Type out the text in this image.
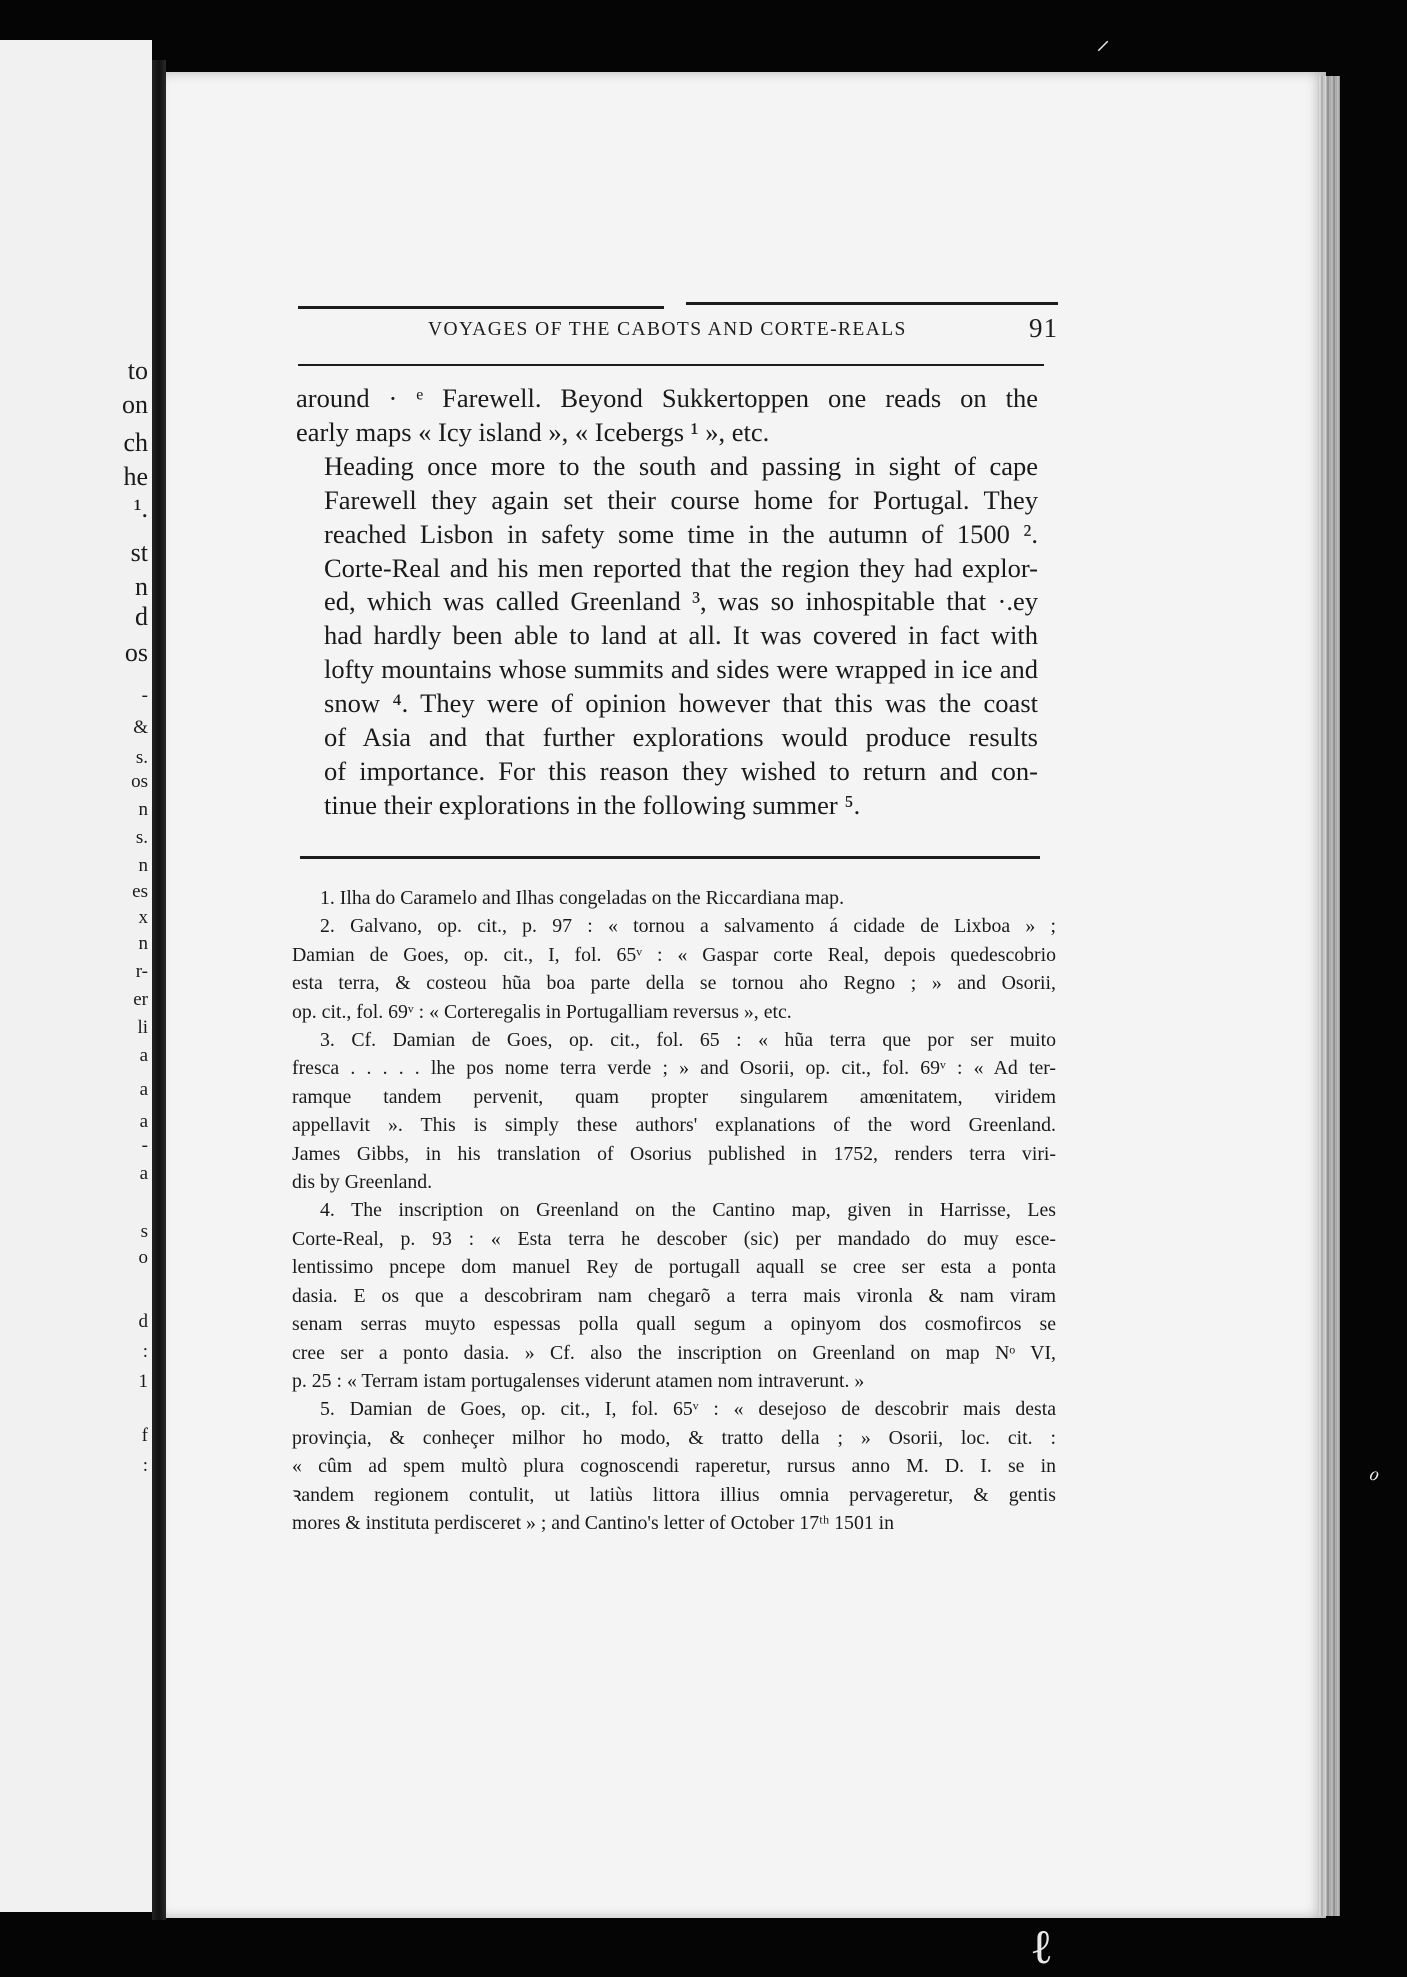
to
on
ch
he
¹.
st
n
d
os
-
&
s.
os
n
s.
n
es
x
n
r-
er
li
a
a
a
-
a
s
o
d
:
1
f
:
VOYAGES OF THE CABOTS AND CORTE-REALS	91

around · ᵉ Farewell. Beyond Sukkertoppen one reads on the
early maps « Icy island », « Icebergs ¹ », etc.

Heading once more to the south and passing in sight of cape
Farewell they again set their course home for Portugal. They
reached Lisbon in safety some time in the autumn of 1500 ².
Corte-Real and his men reported that the region they had explor-
ed, which was called Greenland ³, was so inhospitable that ·.ey
had hardly been able to land at all. It was covered in fact with
lofty mountains whose summits and sides were wrapped in ice and
snow ⁴. They were of opinion however that this was the coast
of Asia and that further explorations would produce results
of importance. For this reason they wished to return and con-
tinue their explorations in the following summer ⁵.

1. Ilha do Caramelo and Ilhas congeladas on the Riccardiana map.
2. Galvano, op. cit., p. 97 : « tornou a salvamento á cidade de Lixboa » ;
Damian de Goes, op. cit., I, fol. 65ᵛ : « Gaspar corte Real, depois quedescobrio
esta terra, & costeou hũa boa parte della se tornou aho Regno ; » and Osorii,
op. cit., fol. 69ᵛ : « Corteregalis in Portugalliam reversus », etc.
3. Cf. Damian de Goes, op. cit., fol. 65 : « hũa terra que por ser muito
fresca . . . . . lhe pos nome terra verde ; » and Osorii, op. cit., fol. 69ᵛ : « Ad ter-
ramque tandem pervenit, quam propter singularem amœnitatem, viridem
appellavit ». This is simply these authors' explanations of the word Greenland.
James Gibbs, in his translation of Osorius published in 1752, renders terra viri-
dis by Greenland.
4. The inscription on Greenland on the Cantino map, given in Harrisse, Les
Corte-Real, p. 93 : « Esta terra he descober (sic) per mandado do muy esce-
lentissimo pncepe dom manuel Rey de portugall aquall se cree ser esta a ponta
dasia. E os que a descobriram nam chegarõ a terra mais vironla & nam viram
senam serras muyto espessas polla quall segum a opinyom dos cosmofircos se
cree ser a ponto dasia. » Cf. also the inscription on Greenland on map Nᵒ VI,
p. 25 : « Terram istam portugalenses viderunt atamen nom intraverunt. »
5. Damian de Goes, op. cit., I, fol. 65ᵛ : « desejoso de descobrir mais desta
provinçia, & conheçer milhor ho modo, & tratto della ; » Osorii, loc. cit. :
« cûm ad spem multò plura cognoscendi raperetur, rursus anno M. D. I. se in
ꝛandem regionem contulit, ut latiùs littora illius omnia pervageretur, & gentis
mores & instituta perdisceret » ; and Cantino's letter of October 17ᵗʰ 1501 in
⸝
ℴ
ℓ
